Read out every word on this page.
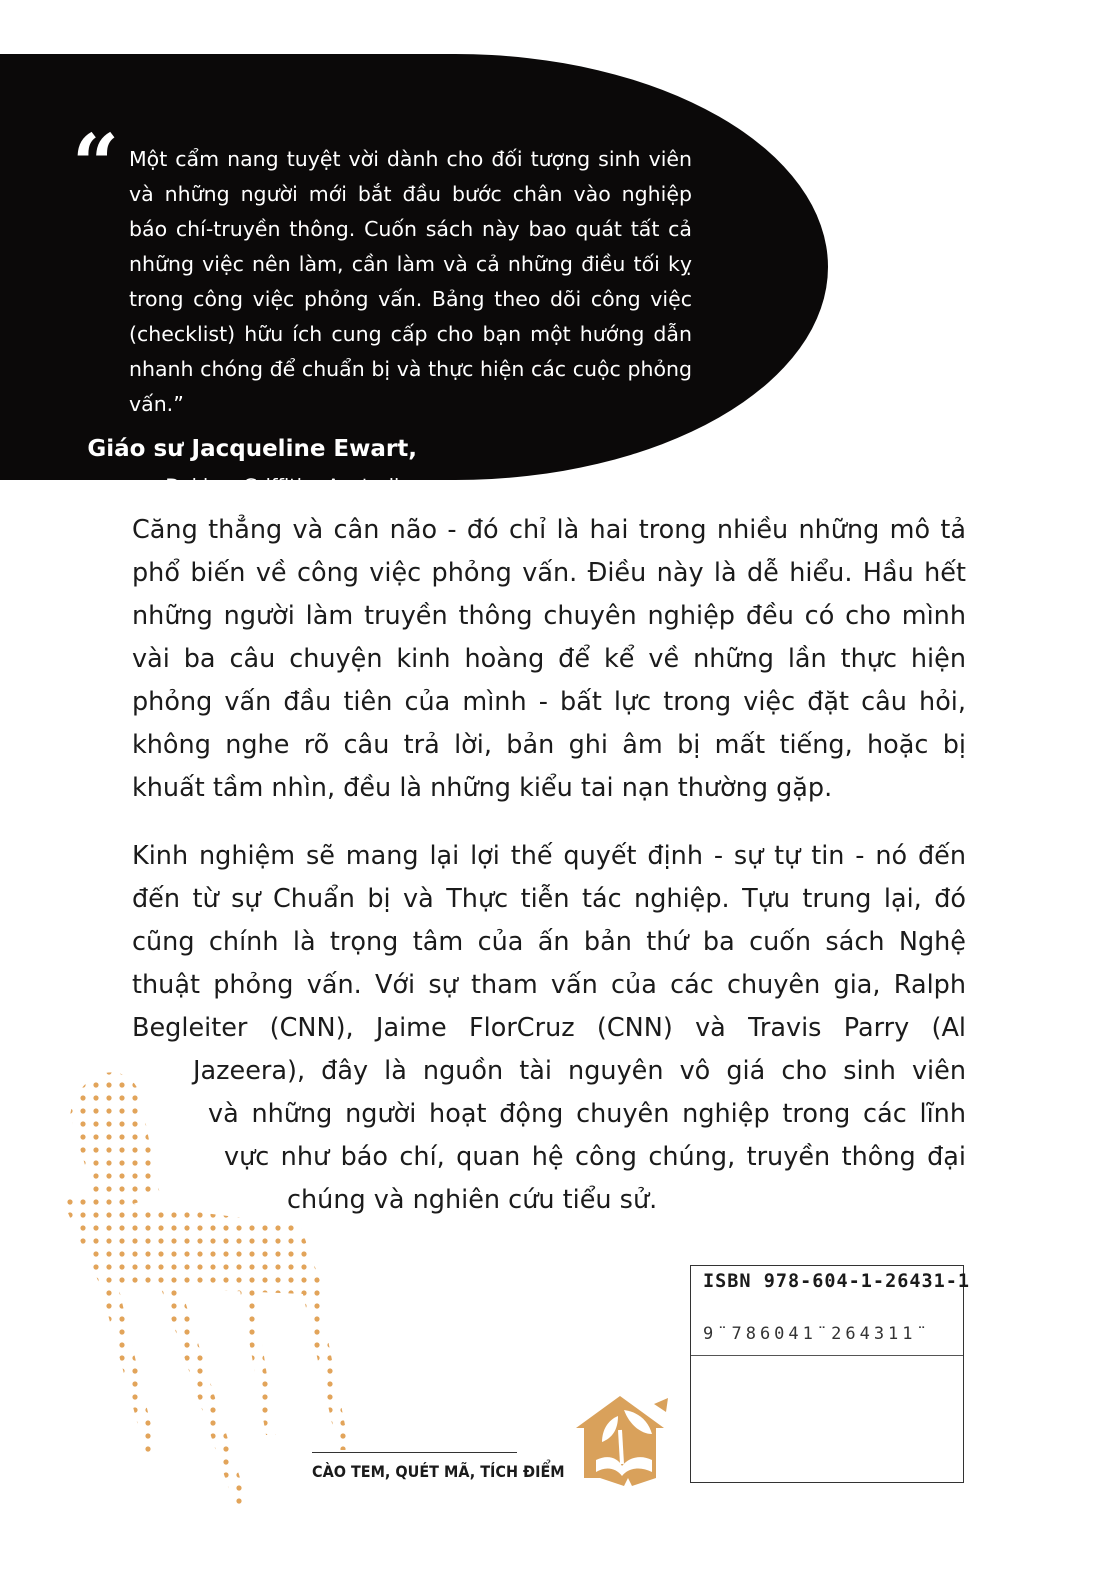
“ Một cẩm nang tuyệt vời dành cho đối tượng sinh viên và những người mới bắt đầu bước chân vào nghiệp báo chí-truyền thông. Cuốn sách này bao quát tất cả những việc nên làm, cần làm và cả những điều tối kỵ trong công việc phỏng vấn. Bảng theo dõi công việc (checklist) hữu ích cung cấp cho bạn một hướng dẫn nhanh chóng để chuẩn bị và thực hiện các cuộc phỏng vấn.”

Giáo sư Jacqueline Ewart,
Đại học Griffith , Australia.

Căng thẳng và cân não - đó chỉ là hai trong nhiều những mô tả phổ biến về công việc phỏng vấn. Điều này là dễ hiểu. Hầu hết những người làm truyền thông chuyên nghiệp đều có cho mình vài ba câu chuyện kinh hoàng để kể về những lần thực hiện phỏng vấn đầu tiên của mình - bất lực trong việc đặt câu hỏi, không nghe rõ câu trả lời, bản ghi âm bị mất tiếng, hoặc bị khuất tầm nhìn, đều là những kiểu tai nạn thường gặp.

Kinh nghiệm sẽ mang lại lợi thế quyết định - sự tự tin - nó đến
đến từ sự Chuẩn bị và Thực tiễn tác nghiệp. Tựu trung lại, đó
cũng chính là trọng tâm của ấn bản thứ ba cuốn sách Nghệ
thuật phỏng vấn. Với sự tham vấn của các chuyên gia, Ralph
Begleiter (CNN), Jaime FlorCruz (CNN) và Travis Parry (Al
Jazeera), đây là nguồn tài nguyên vô giá cho sinh viên
và những người hoạt động chuyên nghiệp trong các lĩnh
vực như báo chí, quan hệ công chúng, truyền thông đại
chúng và nghiên cứu tiểu sử.
CÀO TEM, QUÉT MÃ, TÍCH ĐIỂM
ISBN 978-604-1-26431-1
9¨786041¨264311¨
